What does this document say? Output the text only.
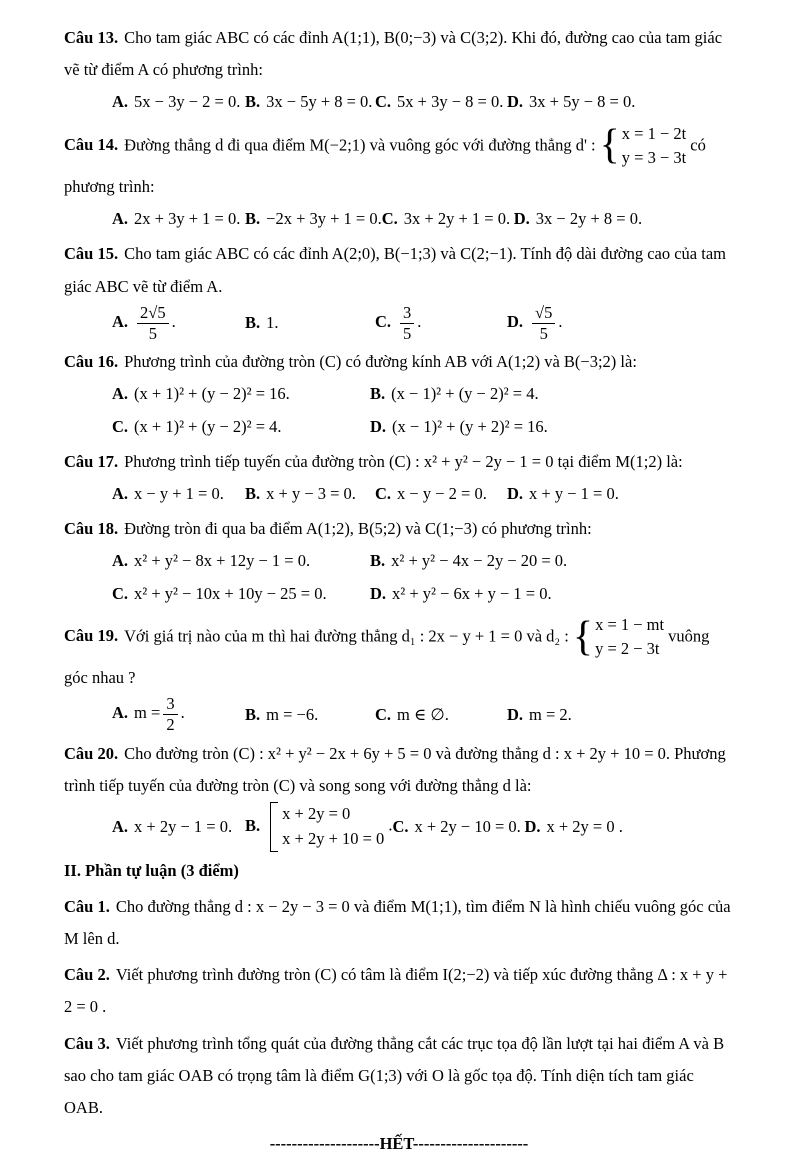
Câu 13. Cho tam giác ABC có các đỉnh A(1;1), B(0;−3) và C(3;2). Khi đó, đường cao của tam giác vẽ từ điểm A có phương trình:

A. 5x − 3y − 2 = 0. B. 3x − 5y + 8 = 0. C. 5x + 3y − 8 = 0. D. 3x + 5y − 8 = 0.

Câu 14. Đường thẳng d đi qua điểm M(−2;1) và vuông góc với đường thẳng d' : { x = 1 − 2t
y = 3 − 3t
có phương trình:

A. 2x + 3y + 1 = 0. B. −2x + 3y + 1 = 0. C. 3x + 2y + 1 = 0. D. 3x − 2y + 8 = 0.

Câu 15. Cho tam giác ABC có các đỉnh A(2;0), B(−1;3) và C(2;−1). Tính độ dài đường cao của tam giác ABC vẽ từ điểm A.

A. $\frac{2√5}{5}$ .	B. 1.	C. $\frac{3}{5}$ .	D. $\frac{√5}{5}$ .

Câu 16. Phương trình của đường tròn (C) có đường kính AB với A(1;2) và B(−3;2) là:

A. (x + 1)² + (y − 2)² = 16.	B. (x − 1)² + (y − 2)² = 4.
C. (x + 1)² + (y − 2)² = 4.	D. (x − 1)² + (y + 2)² = 16.

Câu 17. Phương trình tiếp tuyến của đường tròn (C) : x² + y² − 2y − 1 = 0 tại điểm M(1;2) là:

A. x − y + 1 = 0.	B. x + y − 3 = 0.	C. x − y − 2 = 0.	D. x + y − 1 = 0.

Câu 18. Đường tròn đi qua ba điểm A(1;2), B(5;2) và C(1;−3) có phương trình:

A. x² + y² − 8x + 12y − 1 = 0.	B. x² + y² − 4x − 2y − 20 = 0.
C. x² + y² − 10x + 10y − 25 = 0.	D. x² + y² − 6x + y − 1 = 0.

Câu 19. Với giá trị nào của m thì hai đường thẳng d₁ : 2x − y + 1 = 0 và d₂ : { x = 1 − mt
y = 2 − 3t
vuông góc nhau ?

A. $m = \frac{3}{2}$ .	B. m = −6.	C. m ∈ ∅.	D. m = 2.

Câu 20. Cho đường tròn (C) : x² + y² − 2x + 6y + 5 = 0 và đường thẳng d : x + 2y + 10 = 0. Phương trình tiếp tuyến của đường tròn (C) và song song với đường thẳng d là:

A. x + 2y − 1 = 0. B.
x + 2y = 0
x + 2y + 10 = 0
. C. x + 2y − 10 = 0. D. x + 2y = 0 .

II. Phần tự luận (3 điểm)

Câu 1. Cho đường thẳng d : x − 2y − 3 = 0 và điểm M(1;1), tìm điểm N là hình chiếu vuông góc của M lên d.

Câu 2. Viết phương trình đường tròn (C) có tâm là điểm I(2;−2) và tiếp xúc đường thẳng Δ : x + y + 2 = 0 .

Câu 3. Viết phương trình tổng quát của đường thẳng cắt các trục tọa độ lần lượt tại hai điểm A và B sao cho tam giác OAB có trọng tâm là điểm G(1;3) với O là gốc tọa độ. Tính diện tích tam giác OAB.

--------------------HẾT---------------------
